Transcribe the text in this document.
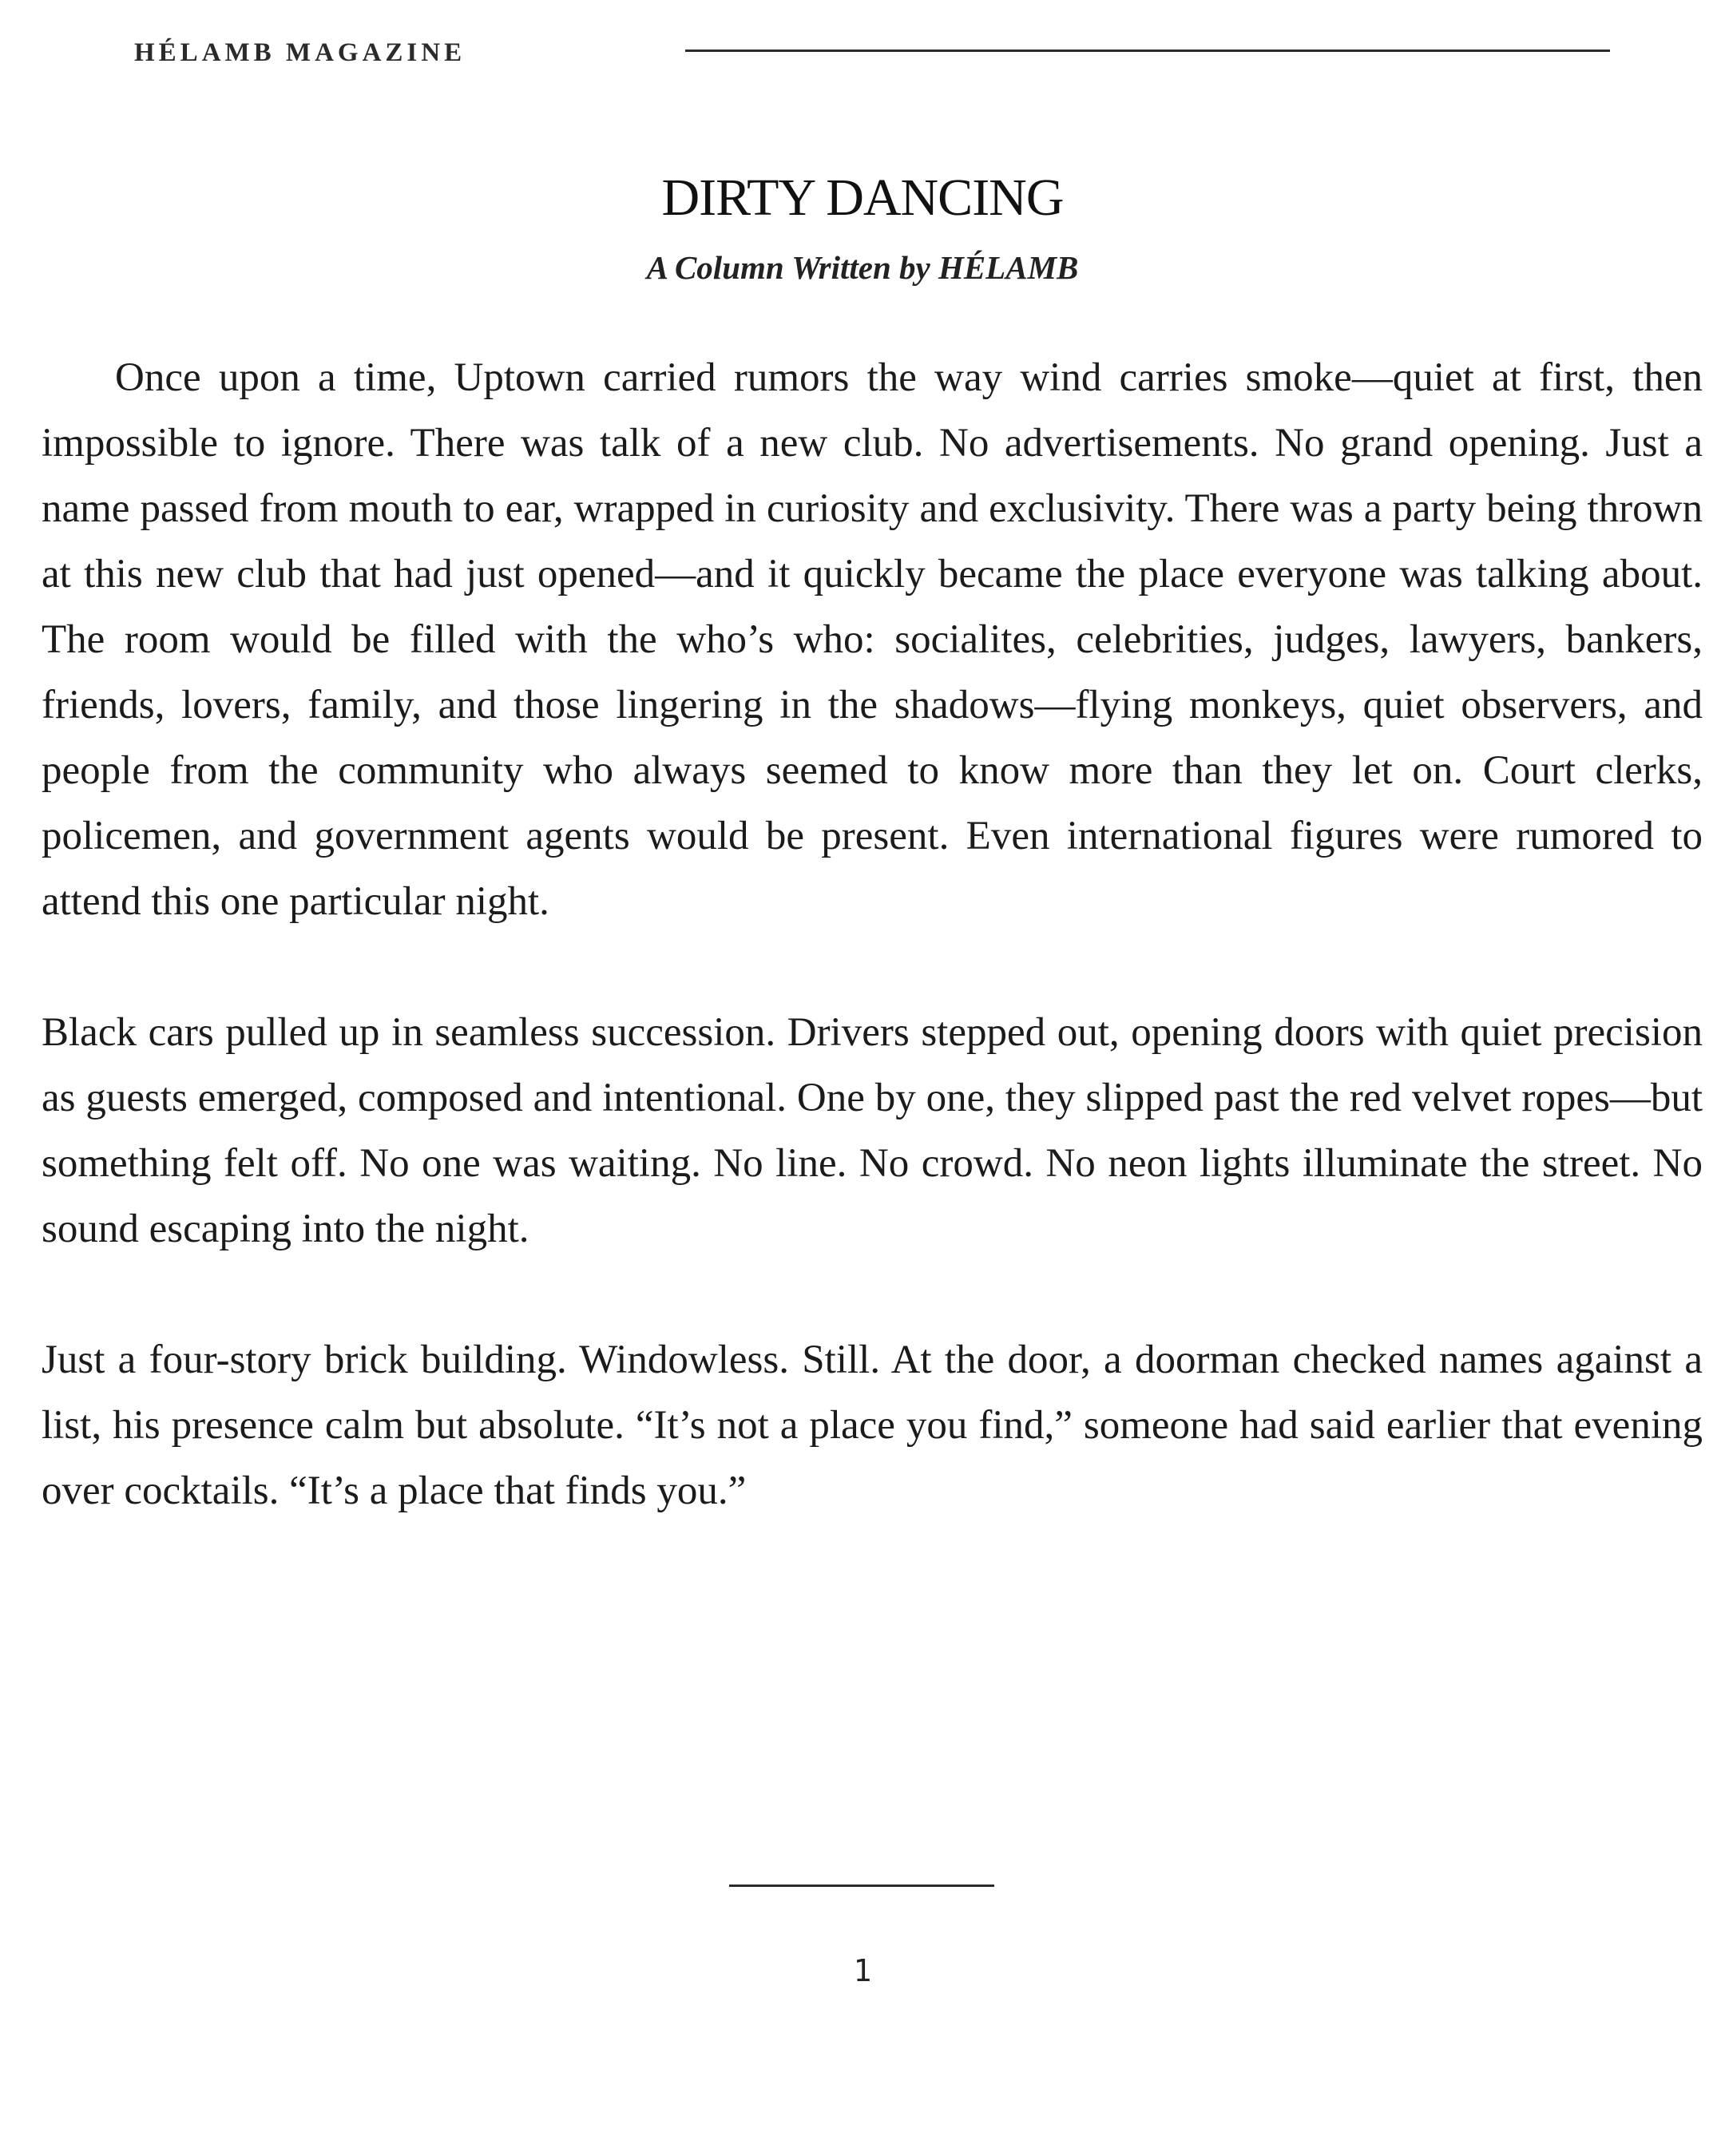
HÉLAMB MAGAZINE
DIRTY DANCING
A Column Written by HÉLAMB

Once upon a time, Uptown carried rumors the way wind carries smoke—quiet at first, then impossible to ignore. There was talk of a new club. No advertisements. No grand opening. Just a name passed from mouth to ear, wrapped in curiosity and exclusivity. There was a party being thrown at this new club that had just opened—and it quickly became the place everyone was talking about. The room would be filled with the who’s who: socialites, celebrities, judges, lawyers, bankers, friends, lovers, family, and those lingering in the shadows—flying monkeys, quiet observers, and people from the community who always seemed to know more than they let on. Court clerks, policemen, and government agents would be present. Even international figures were rumored to attend this one particular night.

Black cars pulled up in seamless succession. Drivers stepped out, opening doors with quiet precision as guests emerged, composed and intentional. One by one, they slipped past the red velvet ropes—but something felt off. No one was waiting. No line. No crowd. No neon lights illuminate the street. No sound escaping into the night.

Just a four-story brick building. Windowless. Still. At the door, a doorman checked names against a list, his presence calm but absolute. “It’s not a place you find,” someone had said earlier that evening over cocktails. “It’s a place that finds you.”

1
